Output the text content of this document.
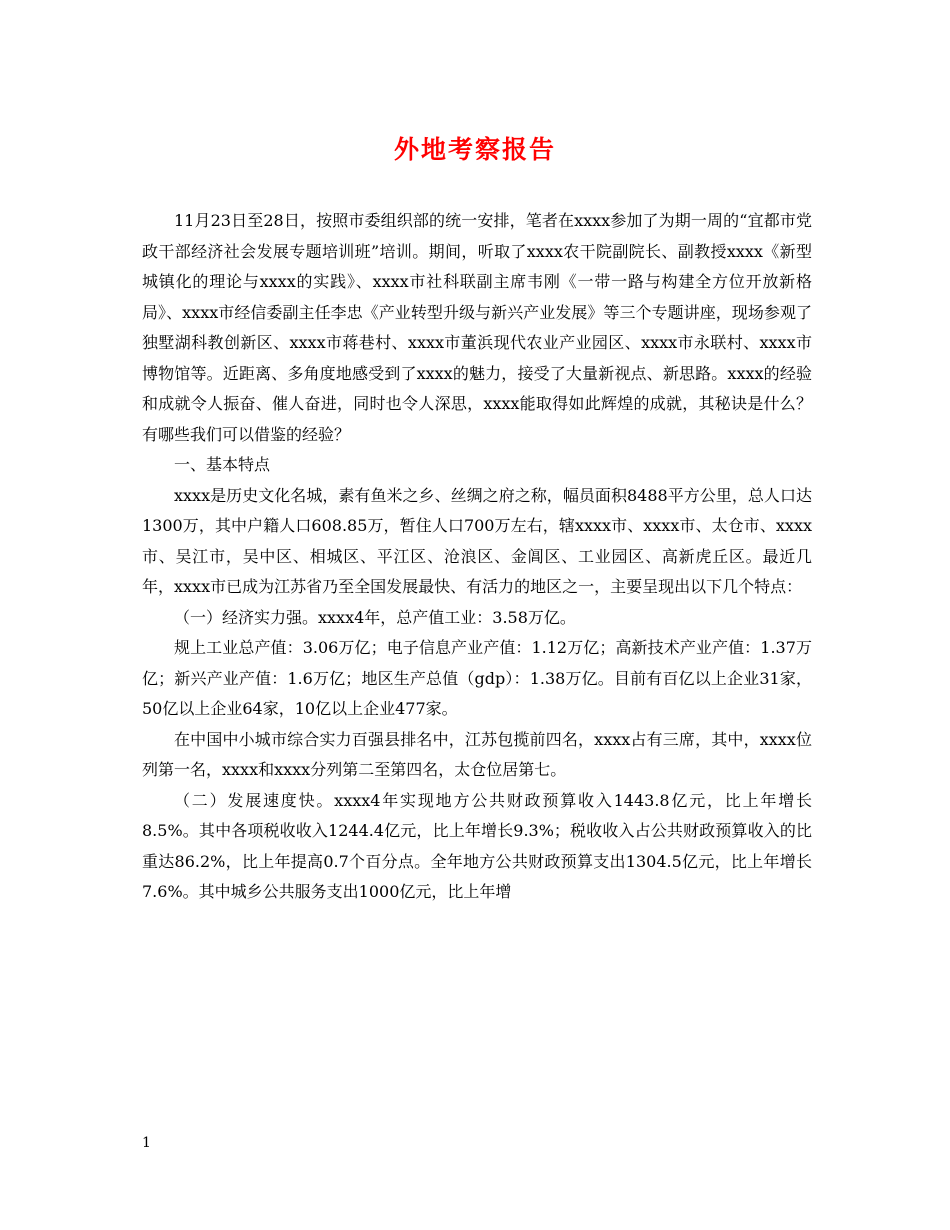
外地考察报告

11月23日至28日，按照市委组织部的统一安排，笔者在xxxx参加了为期一周的“宜都市党政干部经济社会发展专题培训班”培训。期间，听取了xxxx农干院副院长、副教授xxxx《新型城镇化的理论与xxxx的实践》、xxxx市社科联副主席韦刚《一带一路与构建全方位开放新格局》、xxxx市经信委副主任李忠《产业转型升级与新兴产业发展》等三个专题讲座，现场参观了独墅湖科教创新区、xxxx市蒋巷村、xxxx市董浜现代农业产业园区、xxxx市永联村、xxxx市博物馆等。近距离、多角度地感受到了xxxx的魅力，接受了大量新视点、新思路。xxxx的经验和成就令人振奋、催人奋进，同时也令人深思，xxxx能取得如此辉煌的成就，其秘诀是什么？有哪些我们可以借鉴的经验？

一、基本特点

xxxx是历史文化名城，素有鱼米之乡、丝绸之府之称，幅员面积8488平方公里，总人口达1300万，其中户籍人口608.85万，暂住人口700万左右，辖xxxx市、xxxx市、太仓市、xxxx市、吴江市，吴中区、相城区、平江区、沧浪区、金阊区、工业园区、高新虎丘区。最近几年，xxxx市已成为江苏省乃至全国发展最快、有活力的地区之一，主要呈现出以下几个特点：

（一）经济实力强。xxxx4年，总产值工业：3.58万亿。

规上工业总产值：3.06万亿；电子信息产业产值：1.12万亿；高新技术产业产值：1.37万亿；新兴产业产值：1.6万亿；地区生产总值（gdp）：1.38万亿。目前有百亿以上企业31家，50亿以上企业64家，10亿以上企业477家。

在中国中小城市综合实力百强县排名中，江苏包揽前四名，xxxx占有三席，其中，xxxx位列第一名，xxxx和xxxx分列第二至第四名，太仓位居第七。

（二）发展速度快。xxxx4年实现地方公共财政预算收入1443.8亿元，比上年增长8.5%。其中各项税收收入1244.4亿元，比上年增长9.3%；税收收入占公共财政预算收入的比重达86.2%，比上年提高0.7个百分点。全年地方公共财政预算支出1304.5亿元，比上年增长7.6%。其中城乡公共服务支出1000亿元，比上年增

1
